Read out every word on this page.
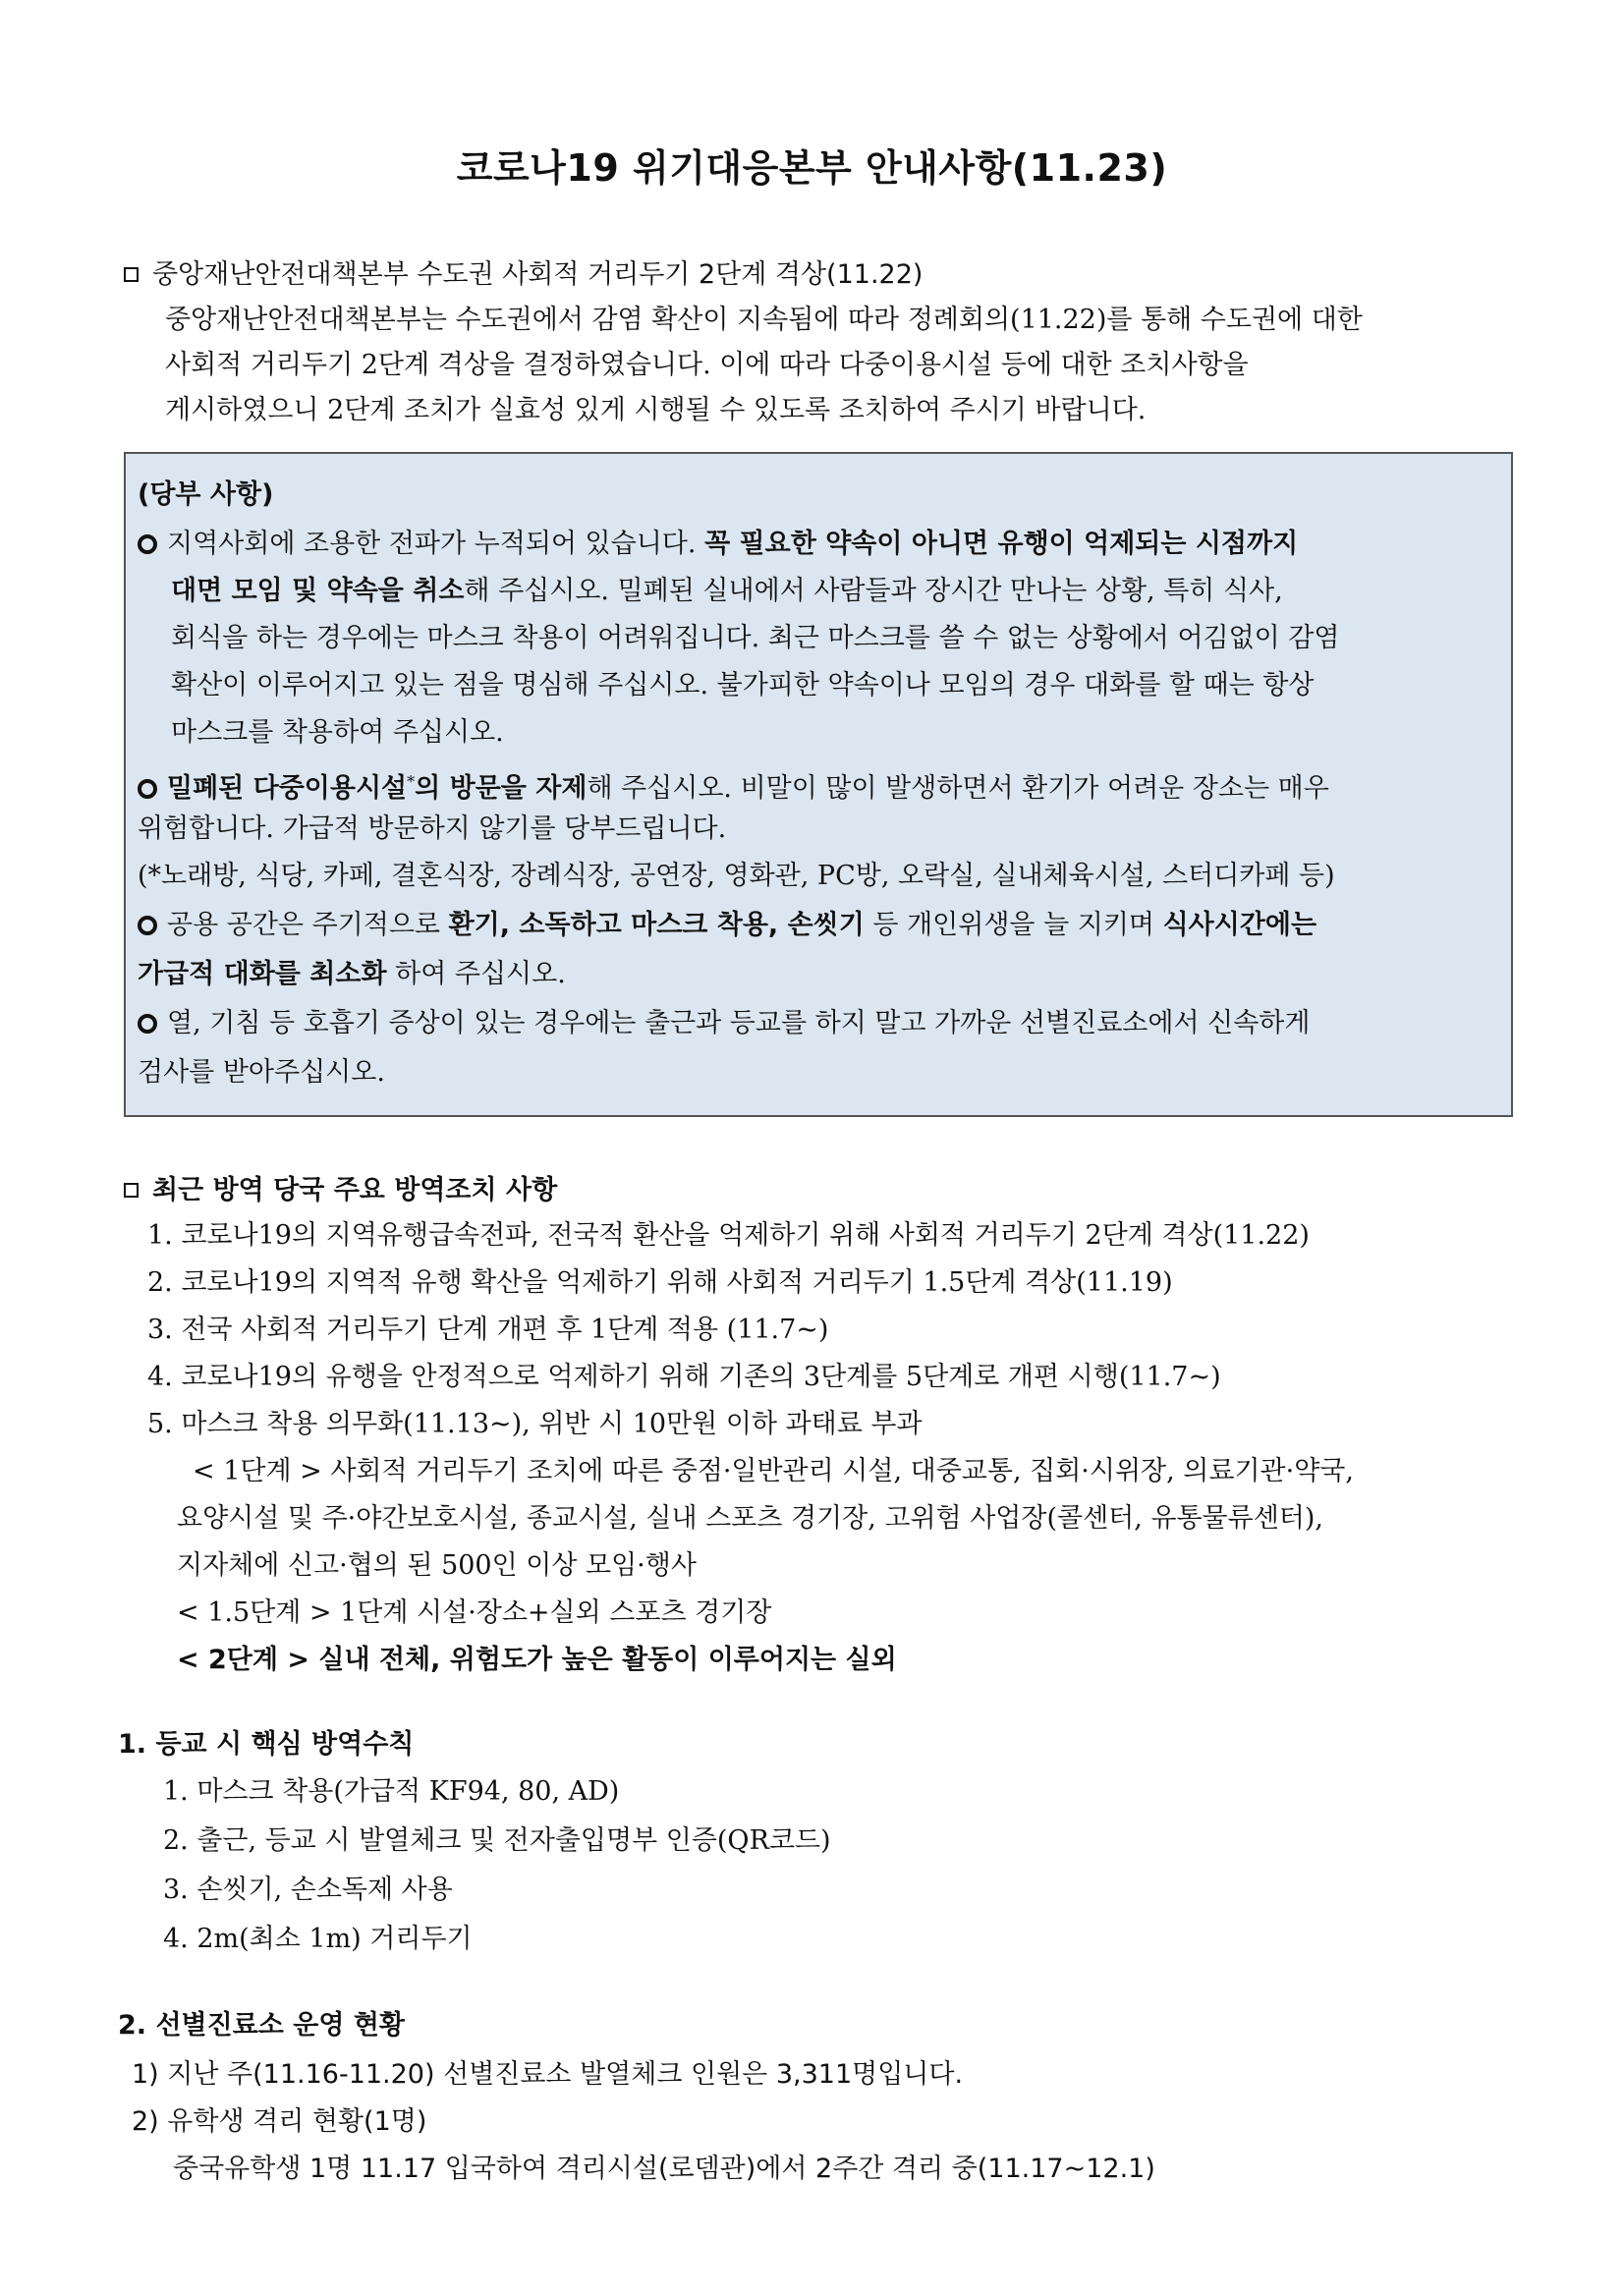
코로나19 위기대응본부 안내사항(11.23)
중앙재난안전대책본부 수도권 사회적 거리두기 2단계 격상(11.22)
중앙재난안전대책본부는 수도권에서 감염 확산이 지속됨에 따라 정례회의(11.22)를 통해 수도권에 대한
사회적 거리두기 2단계 격상을 결정하였습니다. 이에 따라 다중이용시설 등에 대한 조치사항을
게시하였으니 2단계 조치가 실효성 있게 시행될 수 있도록 조치하여 주시기 바랍니다.
(당부 사항)
지역사회에 조용한 전파가 누적되어 있습니다. 꼭 필요한 약속이 아니면 유행이 억제되는 시점까지
대면 모임 및 약속을 취소해 주십시오. 밀폐된 실내에서 사람들과 장시간 만나는 상황, 특히 식사,
회식을 하는 경우에는 마스크 착용이 어려워집니다. 최근 마스크를 쓸 수 없는 상황에서 어김없이 감염
확산이 이루어지고 있는 점을 명심해 주십시오. 불가피한 약속이나 모임의 경우 대화를 할 때는 항상
마스크를 착용하여 주십시오.
밀폐된 다중이용시설*의 방문을 자제해 주십시오. 비말이 많이 발생하면서 환기가 어려운 장소는 매우
위험합니다. 가급적 방문하지 않기를 당부드립니다.
(*노래방, 식당, 카페, 결혼식장, 장례식장, 공연장, 영화관, PC방, 오락실, 실내체육시설, 스터디카페 등)
공용 공간은 주기적으로 환기, 소독하고 마스크 착용, 손씻기 등 개인위생을 늘 지키며 식사시간에는
가급적 대화를 최소화 하여 주십시오.
열, 기침 등 호흡기 증상이 있는 경우에는 출근과 등교를 하지 말고 가까운 선별진료소에서 신속하게
검사를 받아주십시오.
최근 방역 당국 주요 방역조치 사항
1. 코로나19의 지역유행급속전파, 전국적 환산을 억제하기 위해 사회적 거리두기 2단계 격상(11.22)
2. 코로나19의 지역적 유행 확산을 억제하기 위해 사회적 거리두기 1.5단계 격상(11.19)
3. 전국 사회적 거리두기 단계 개편 후 1단계 적용 (11.7~)
4. 코로나19의 유행을 안정적으로 억제하기 위해 기존의 3단계를 5단계로 개편 시행(11.7~)
5. 마스크 착용 의무화(11.13~), 위반 시 10만원 이하 과태료 부과
< 1단계 > 사회적 거리두기 조치에 따른 중점·일반관리 시설, 대중교통, 집회·시위장, 의료기관·약국,
요양시설 및 주·야간보호시설, 종교시설, 실내 스포츠 경기장, 고위험 사업장(콜센터, 유통물류센터),
지자체에 신고·협의 된 500인 이상 모임·행사
< 1.5단계 > 1단계 시설·장소+실외 스포츠 경기장
< 2단계 > 실내 전체, 위험도가 높은 활동이 이루어지는 실외
1. 등교 시 핵심 방역수칙
1. 마스크 착용(가급적 KF94, 80, AD)
2. 출근, 등교 시 발열체크 및 전자출입명부 인증(QR코드)
3. 손씻기, 손소독제 사용
4. 2m(최소 1m) 거리두기
2. 선별진료소 운영 현황
1) 지난 주(11.16-11.20) 선별진료소 발열체크 인원은 3,311명입니다.
2) 유학생 격리 현황(1명)
중국유학생 1명 11.17 입국하여 격리시설(로뎀관)에서 2주간 격리 중(11.17~12.1)
